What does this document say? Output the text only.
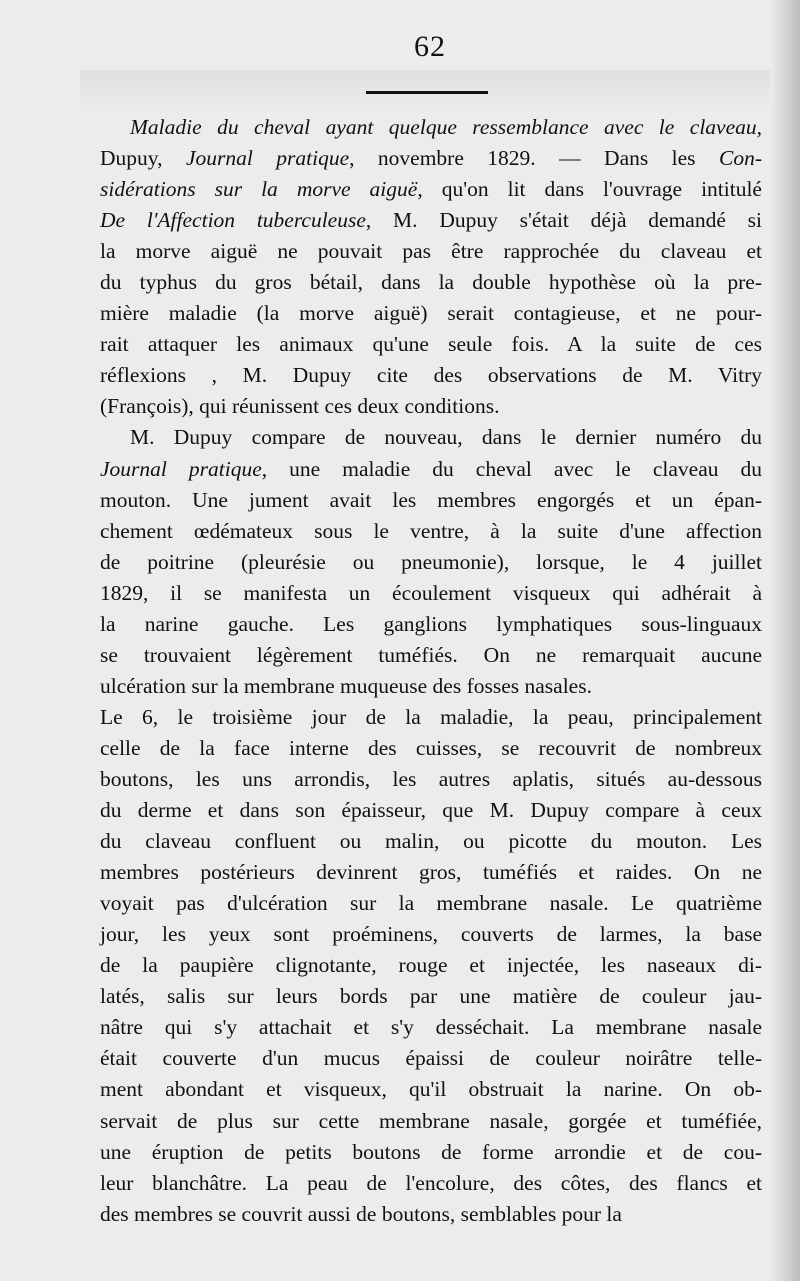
62
Maladie du cheval ayant quelque ressemblance avec le claveau,
Dupuy, Journal pratique, novembre 1829. — Dans les Con-
sidérations sur la morve aiguë, qu'on lit dans l'ouvrage intitulé
De l'Affection tuberculeuse, M. Dupuy s'était déjà demandé si
la morve aiguë ne pouvait pas être rapprochée du claveau et
du typhus du gros bétail, dans la double hypothèse où la pre-
mière maladie (la morve aiguë) serait contagieuse, et ne pour-
rait attaquer les animaux qu'une seule fois. A la suite de ces
réflexions , M. Dupuy cite des observations de M. Vitry
(François), qui réunissent ces deux conditions.
M. Dupuy compare de nouveau, dans le dernier numéro du
Journal pratique, une maladie du cheval avec le claveau du
mouton. Une jument avait les membres engorgés et un épan-
chement œdémateux sous le ventre, à la suite d'une affection
de poitrine (pleurésie ou pneumonie), lorsque, le 4 juillet
1829, il se manifesta un écoulement visqueux qui adhérait à
la narine gauche. Les ganglions lymphatiques sous-linguaux
se trouvaient légèrement tuméfiés. On ne remarquait aucune
ulcération sur la membrane muqueuse des fosses nasales.
Le 6, le troisième jour de la maladie, la peau, principalement
celle de la face interne des cuisses, se recouvrit de nombreux
boutons, les uns arrondis, les autres aplatis, situés au-dessous
du derme et dans son épaisseur, que M. Dupuy compare à ceux
du claveau confluent ou malin, ou picotte du mouton. Les
membres postérieurs devinrent gros, tuméfiés et raides. On ne
voyait pas d'ulcération sur la membrane nasale. Le quatrième
jour, les yeux sont proéminens, couverts de larmes, la base
de la paupière clignotante, rouge et injectée, les naseaux di-
latés, salis sur leurs bords par une matière de couleur jau-
nâtre qui s'y attachait et s'y desséchait. La membrane nasale
était couverte d'un mucus épaissi de couleur noirâtre telle-
ment abondant et visqueux, qu'il obstruait la narine. On ob-
servait de plus sur cette membrane nasale, gorgée et tuméfiée,
une éruption de petits boutons de forme arrondie et de cou-
leur blanchâtre. La peau de l'encolure, des côtes, des flancs et
des membres se couvrit aussi de boutons, semblables pour la
